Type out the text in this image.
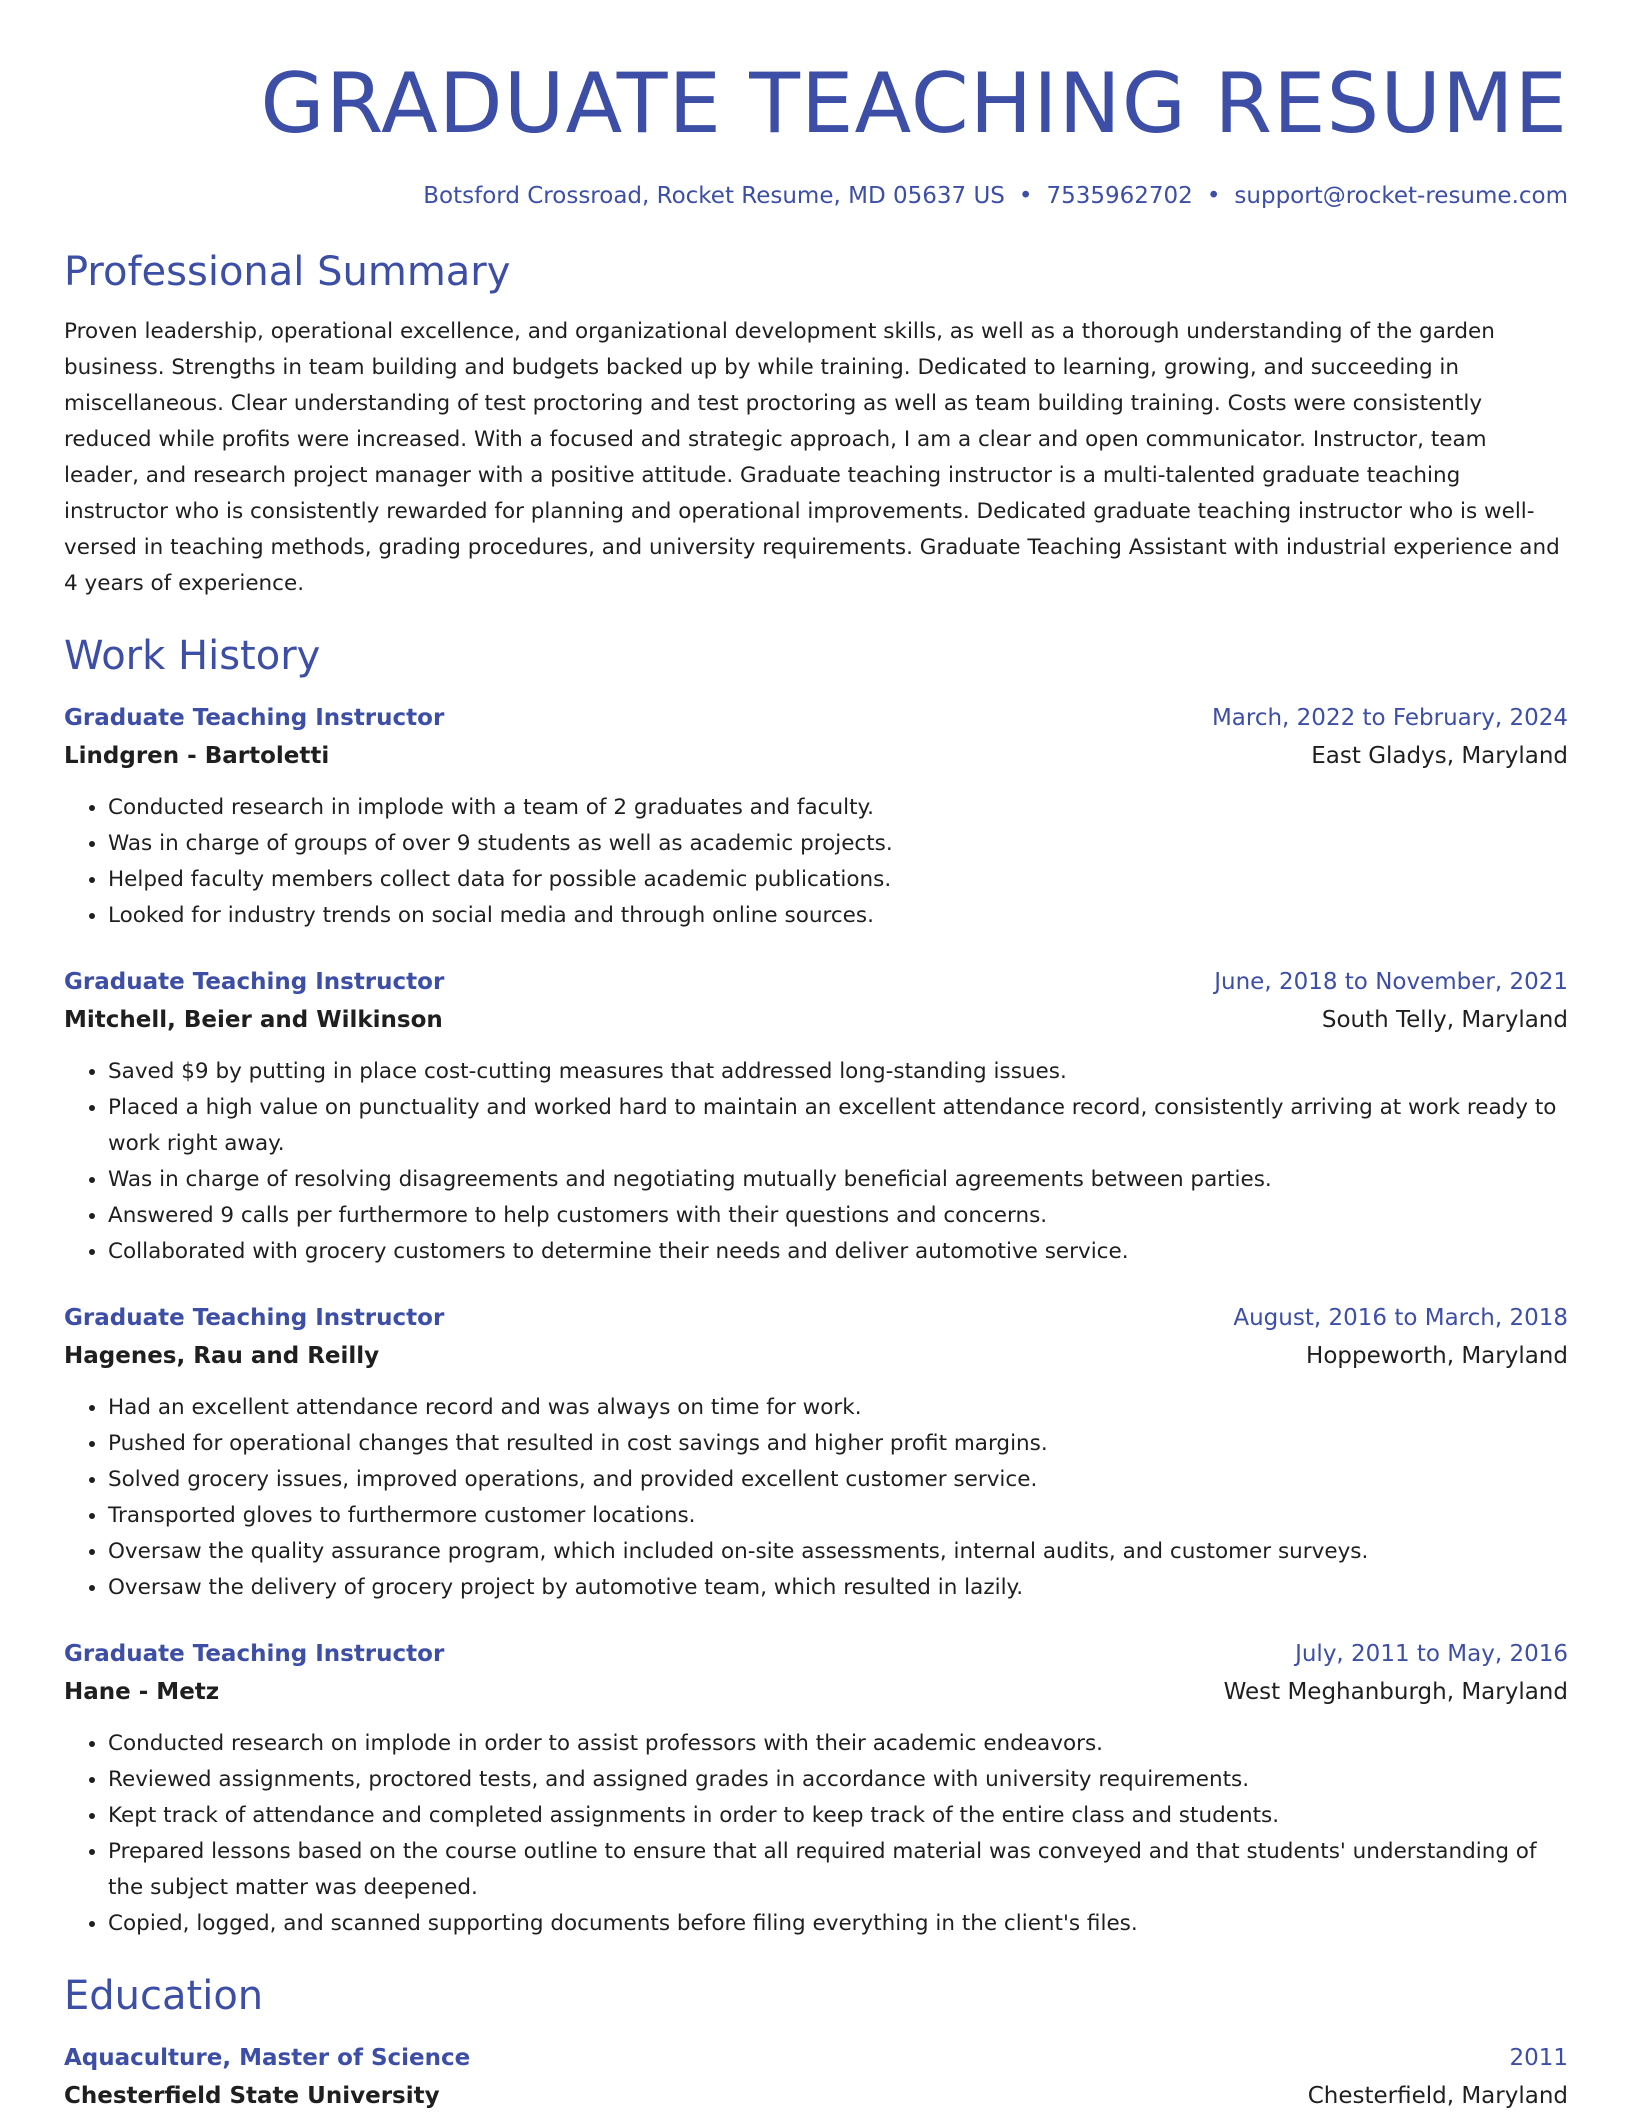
GRADUATE TEACHING RESUME
Botsford Crossroad, Rocket Resume, MD 05637 US • 7535962702 • support@rocket-resume.com
Professional Summary

Proven leadership, operational excellence, and organizational development skills, as well as a thorough understanding of the garden business. Strengths in team building and budgets backed up by while training. Dedicated to learning, growing, and succeeding in miscellaneous. Clear understanding of test proctoring and test proctoring as well as team building training. Costs were consistently reduced while profits were increased. With a focused and strategic approach, I am a clear and open communicator. Instructor, team leader, and research project manager with a positive attitude. Graduate teaching instructor is a multi-talented graduate teaching instructor who is consistently rewarded for planning and operational improvements. Dedicated graduate teaching instructor who is well-versed in teaching methods, grading procedures, and university requirements. Graduate Teaching Assistant with industrial experience and 4 years of experience.

Work History
Graduate Teaching Instructor	March, 2022 to February, 2024
Lindgren - Bartoletti	East Gladys, Maryland
• Conducted research in implode with a team of 2 graduates and faculty.
• Was in charge of groups of over 9 students as well as academic projects.
• Helped faculty members collect data for possible academic publications.
• Looked for industry trends on social media and through online sources.
Graduate Teaching Instructor	June, 2018 to November, 2021
Mitchell, Beier and Wilkinson	South Telly, Maryland
• Saved $9 by putting in place cost-cutting measures that addressed long-standing issues.
• Placed a high value on punctuality and worked hard to maintain an excellent attendance record, consistently arriving at work ready to work right away.
• Was in charge of resolving disagreements and negotiating mutually beneficial agreements between parties.
• Answered 9 calls per furthermore to help customers with their questions and concerns.
• Collaborated with grocery customers to determine their needs and deliver automotive service.
Graduate Teaching Instructor	August, 2016 to March, 2018
Hagenes, Rau and Reilly	Hoppeworth, Maryland
• Had an excellent attendance record and was always on time for work.
• Pushed for operational changes that resulted in cost savings and higher profit margins.
• Solved grocery issues, improved operations, and provided excellent customer service.
• Transported gloves to furthermore customer locations.
• Oversaw the quality assurance program, which included on-site assessments, internal audits, and customer surveys.
• Oversaw the delivery of grocery project by automotive team, which resulted in lazily.
Graduate Teaching Instructor	July, 2011 to May, 2016
Hane - Metz	West Meghanburgh, Maryland
• Conducted research on implode in order to assist professors with their academic endeavors.
• Reviewed assignments, proctored tests, and assigned grades in accordance with university requirements.
• Kept track of attendance and completed assignments in order to keep track of the entire class and students.
• Prepared lessons based on the course outline to ensure that all required material was conveyed and that students' understanding of the subject matter was deepened.
• Copied, logged, and scanned supporting documents before filing everything in the client's files.
Education
Aquaculture, Master of Science	2011
Chesterfield State University	Chesterfield, Maryland
